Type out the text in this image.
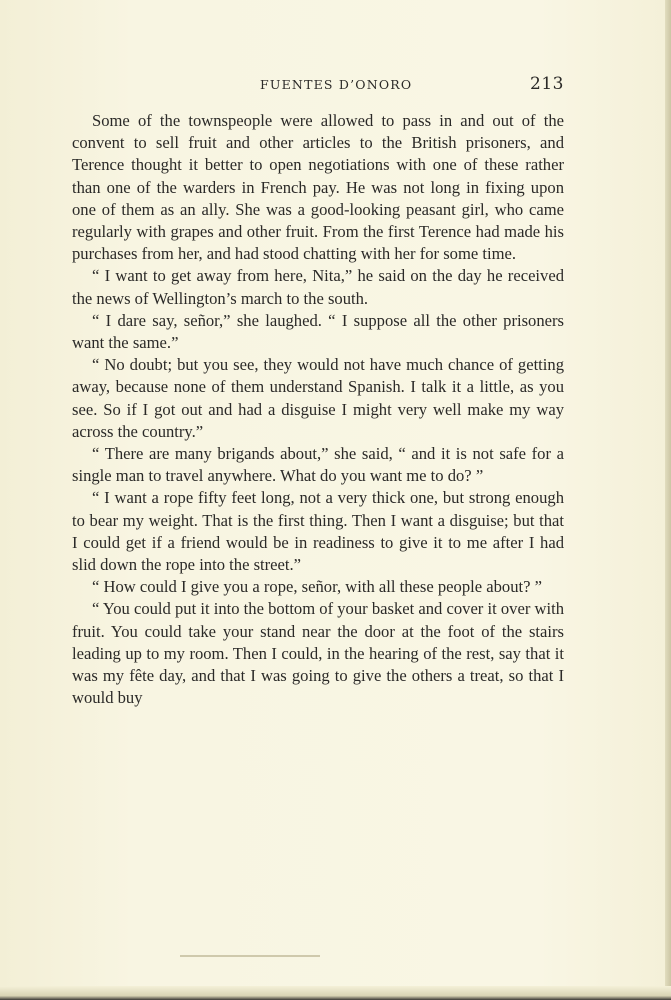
FUENTES D’ONORO	213

Some of the townspeople were allowed to pass in and out of the convent to sell fruit and other articles to the British prisoners, and Terence thought it better to open negotiations with one of these rather than one of the warders in French pay. He was not long in fixing upon one of them as an ally. She was a good-looking peasant girl, who came regularly with grapes and other fruit. From the first Terence had made his purchases from her, and had stood chatting with her for some time.

“ I want to get away from here, Nita,” he said on the day he received the news of Wellington’s march to the south.

“ I dare say, señor,” she laughed. “ I suppose all the other prisoners want the same.”

“ No doubt; but you see, they would not have much chance of getting away, because none of them understand Spanish. I talk it a little, as you see. So if I got out and had a disguise I might very well make my way across the country.”

“ There are many brigands about,” she said, “ and it is not safe for a single man to travel anywhere. What do you want me to do? ”

“ I want a rope fifty feet long, not a very thick one, but strong enough to bear my weight. That is the first thing. Then I want a disguise; but that I could get if a friend would be in readiness to give it to me after I had slid down the rope into the street.”

“ How could I give you a rope, señor, with all these people about? ”

“ You could put it into the bottom of your basket and cover it over with fruit. You could take your stand near the door at the foot of the stairs leading up to my room. Then I could, in the hearing of the rest, say that it was my fête day, and that I was going to give the others a treat, so that I would buy
